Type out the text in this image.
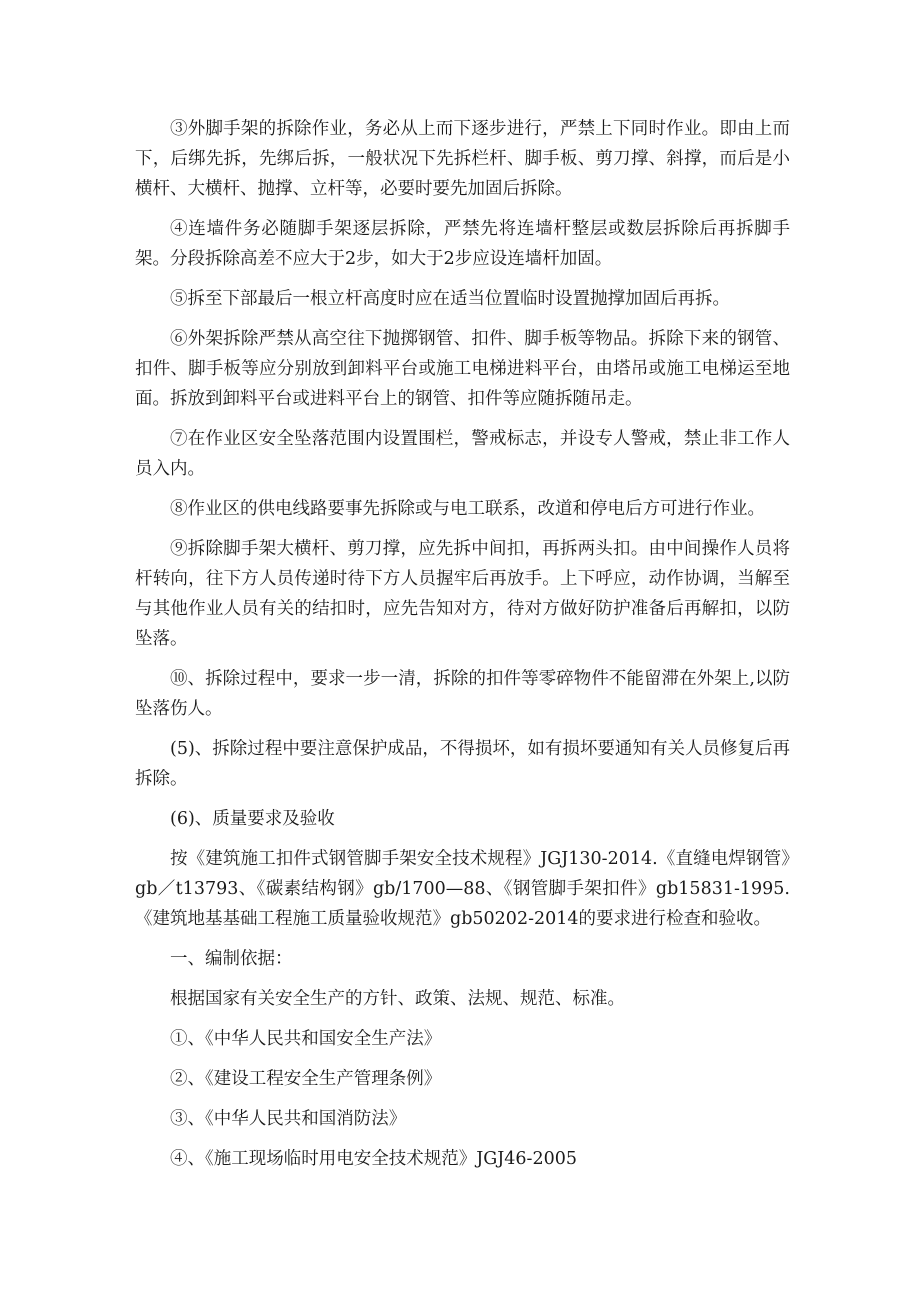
③外脚手架的拆除作业，务必从上而下逐步进行，严禁上下同时作业。即由上而下，后绑先拆，先绑后拆，一般状况下先拆栏杆、脚手板、剪刀撑、斜撑，而后是小横杆、大横杆、抛撑、立杆等，必要时要先加固后拆除。

④连墙件务必随脚手架逐层拆除，严禁先将连墙杆整层或数层拆除后再拆脚手架。分段拆除高差不应大于2步，如大于2步应设连墙杆加固。

⑤拆至下部最后一根立杆高度时应在适当位置临时设置抛撑加固后再拆。

⑥外架拆除严禁从高空往下抛掷钢管、扣件、脚手板等物品。拆除下来的钢管、扣件、脚手板等应分别放到卸料平台或施工电梯进料平台，由塔吊或施工电梯运至地面。拆放到卸料平台或进料平台上的钢管、扣件等应随拆随吊走。

⑦在作业区安全坠落范围内设置围栏，警戒标志，并设专人警戒，禁止非工作人员入内。

⑧作业区的供电线路要事先拆除或与电工联系，改道和停电后方可进行作业。

⑨拆除脚手架大横杆、剪刀撑，应先拆中间扣，再拆两头扣。由中间操作人员将杆转向，往下方人员传递时待下方人员握牢后再放手。上下呼应，动作协调，当解至与其他作业人员有关的结扣时，应先告知对方，待对方做好防护准备后再解扣，以防坠落。

⑩、拆除过程中，要求一步一清，拆除的扣件等零碎物件不能留滞在外架上,以防坠落伤人。

(5)、拆除过程中要注意保护成品，不得损坏，如有损坏要通知有关人员修复后再拆除。

(6)、质量要求及验收

按《建筑施工扣件式钢管脚手架安全技术规程》JGJ130-2014.《直缝电焊钢管》gb／t13793、《碳素结构钢》gb/1700—88、《钢管脚手架扣件》gb15831-1995.《建筑地基基础工程施工质量验收规范》gb50202-2014的要求进行检查和验收。

一、编制依据：

根据国家有关安全生产的方针、政策、法规、规范、标准。

①、《中华人民共和国安全生产法》

②、《建设工程安全生产管理条例》

③、《中华人民共和国消防法》

④、《施工现场临时用电安全技术规范》JGJ46-2005
